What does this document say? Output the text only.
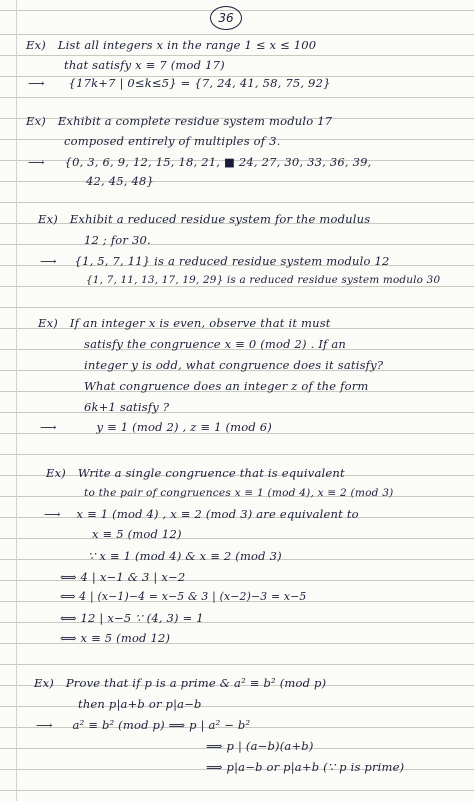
36
Ex) List all integers x in the range 1 ≤ x ≤ 100
that satisfy x ≡ 7 (mod 17)
⟶ {17k+7 | 0≤k≤5} = {7, 24, 41, 58, 75, 92}
Ex) Exhibit a complete residue system modulo 17
composed entirely of multiples of 3.
⟶ {0, 3, 6, 9, 12, 15, 18, 21, ■ 24, 27, 30, 33, 36, 39,
42, 45, 48}
Ex) Exhibit a reduced residue system for the modulus
12 ; for 30.
⟶ {1, 5, 7, 11} is a reduced residue system modulo 12
{1, 7, 11, 13, 17, 19, 29} is a reduced residue system modulo 30
Ex) If an integer x is even, observe that it must
satisfy the congruence x ≡ 0 (mod 2) . If an
integer y is odd, what congruence does it satisfy?
What congruence does an integer z of the form
6k+1 satisfy ?
⟶	y ≡ 1 (mod 2) , z ≡ 1 (mod 6)
Ex) Write a single congruence that is equivalent
to the pair of congruences x ≡ 1 (mod 4), x ≡ 2 (mod 3)
⟶ x ≡ 1 (mod 4) , x ≡ 2 (mod 3) are equivalent to
x ≡ 5 (mod 12)
∵ x ≡ 1 (mod 4) & x ≡ 2 (mod 3)
⟺ 4 | x−1 & 3 | x−2
⟺ 4 | (x−1)−4 = x−5 & 3 | (x−2)−3 = x−5
⟺ 12 | x−5 ∵ (4, 3) = 1
⟺ x ≡ 5 (mod 12)
Ex) Prove that if p is a prime & a² ≡ b² (mod p)
then p|a+b or p|a−b
⟶ a² ≡ b² (mod p) ⟹ p | a² − b²
⟹ p | (a−b)(a+b)
⟹ p|a−b or p|a+b (∵ p is prime)
